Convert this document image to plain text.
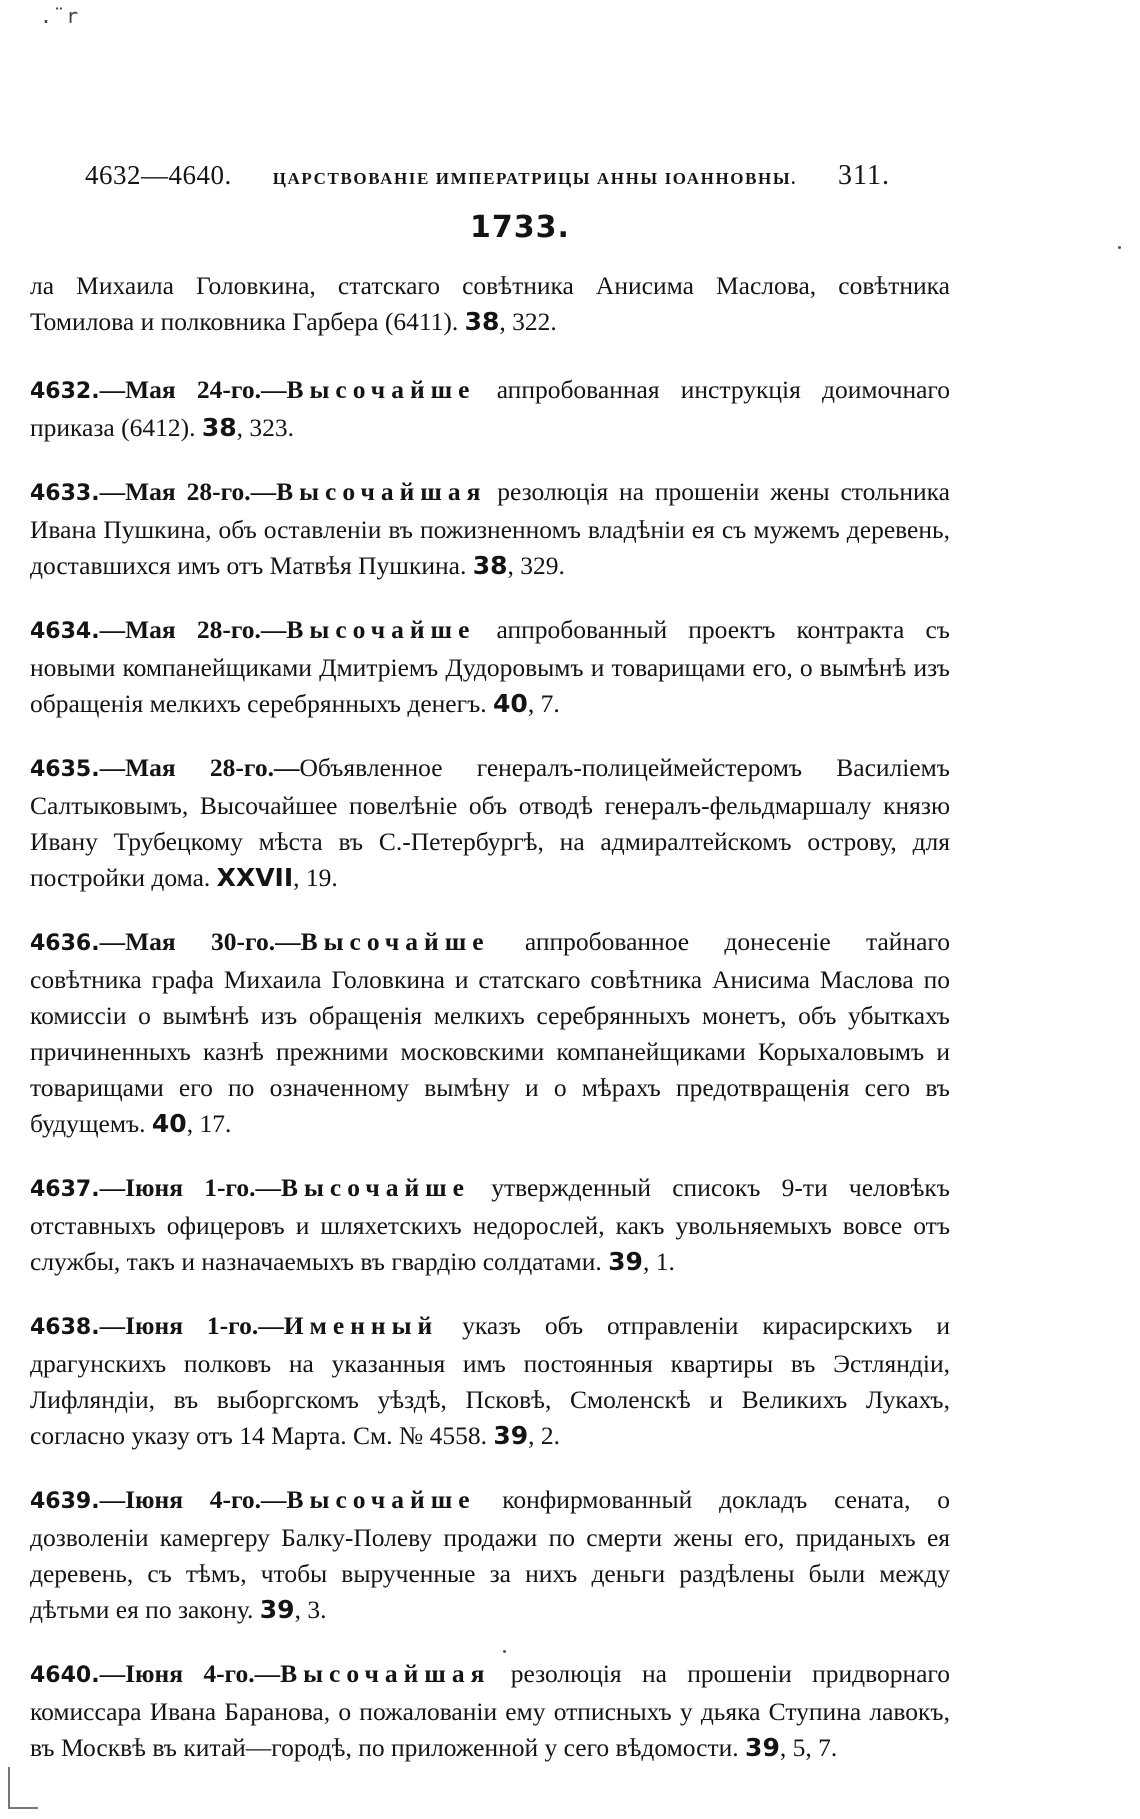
.¨r
4632—4640. ЦАРСТВОВАНІЕ ИМПЕРАТРИЦЫ АННЫ ІОАННОВНЫ. 311.
1733.

ла Михаила Головкина, статскаго совѣтника Анисима Маслова, совѣтника Томилова и полковника Гарбера (6411). 38, 322.

4632.—Мая 24-го.—Высочайше аппробованная инструкція доимочнаго приказа (6412). 38, 323.

4633.—Мая 28-го.—Высочайшая резолюція на прошеніи жены стольника Ивана Пушкина, объ оставленіи въ пожизненномъ владѣніи ея съ мужемъ деревень, доставшихся имъ отъ Матвѣя Пушкина. 38, 329.

4634.—Мая 28-го.—Высочайше аппробованный проектъ контракта съ новыми компанейщиками Дмитріемъ Дудоровымъ и товарищами его, о вымѣнѣ изъ обращенія мелкихъ серебрянныхъ денегъ. 40, 7.

4635.—Мая 28-го.—Объявленное генералъ-полицеймейстеромъ Василіемъ Салтыковымъ, Высочайшее повелѣніе объ отводѣ генералъ-фельдмаршалу князю Ивану Трубецкому мѣста въ С.-Петербургѣ, на адмиралтейскомъ острову, для постройки дома. XXVII, 19.

4636.—Мая 30-го.—Высочайше аппробованное донесеніе тайнаго совѣтника графа Михаила Головкина и статскаго совѣтника Анисима Маслова по комиссіи о вымѣнѣ изъ обращенія мелкихъ серебрянныхъ монетъ, объ убыткахъ причиненныхъ казнѣ прежними московскими компанейщиками Корыхаловымъ и товарищами его по означенному вымѣну и о мѣрахъ предотвращенія сего въ будущемъ. 40, 17.

4637.—Іюня 1-го.—Высочайше утвержденный списокъ 9-ти человѣкъ отставныхъ офицеровъ и шляхетскихъ недорослей, какъ увольняемыхъ вовсе отъ службы, такъ и назначаемыхъ въ гвардію солдатами. 39, 1.

4638.—Іюня 1-го.—Именный указъ объ отправленіи кирасирскихъ и драгунскихъ полковъ на указанныя имъ постоянныя квартиры въ Эстляндіи, Лифляндіи, въ выборгскомъ уѣздѣ, Псковѣ, Смоленскѣ и Великихъ Лукахъ, согласно указу отъ 14 Марта. См. № 4558. 39, 2.

4639.—Іюня 4-го.—Высочайше конфирмованный докладъ сената, о дозволеніи камергеру Балку-Полеву продажи по смерти жены его, приданыхъ ея деревень, съ тѣмъ, чтобы вырученные за нихъ деньги раздѣлены были между дѣтьми ея по закону. 39, 3.

4640.—Іюня 4-го.—Высочайшая резолюція на прошеніи придворнаго комиссара Ивана Баранова, о пожалованіи ему отписныхъ у дьяка Ступина лавокъ, въ Москвѣ въ китай—городѣ, по приложенной у сего вѣдомости. 39, 5, 7.
